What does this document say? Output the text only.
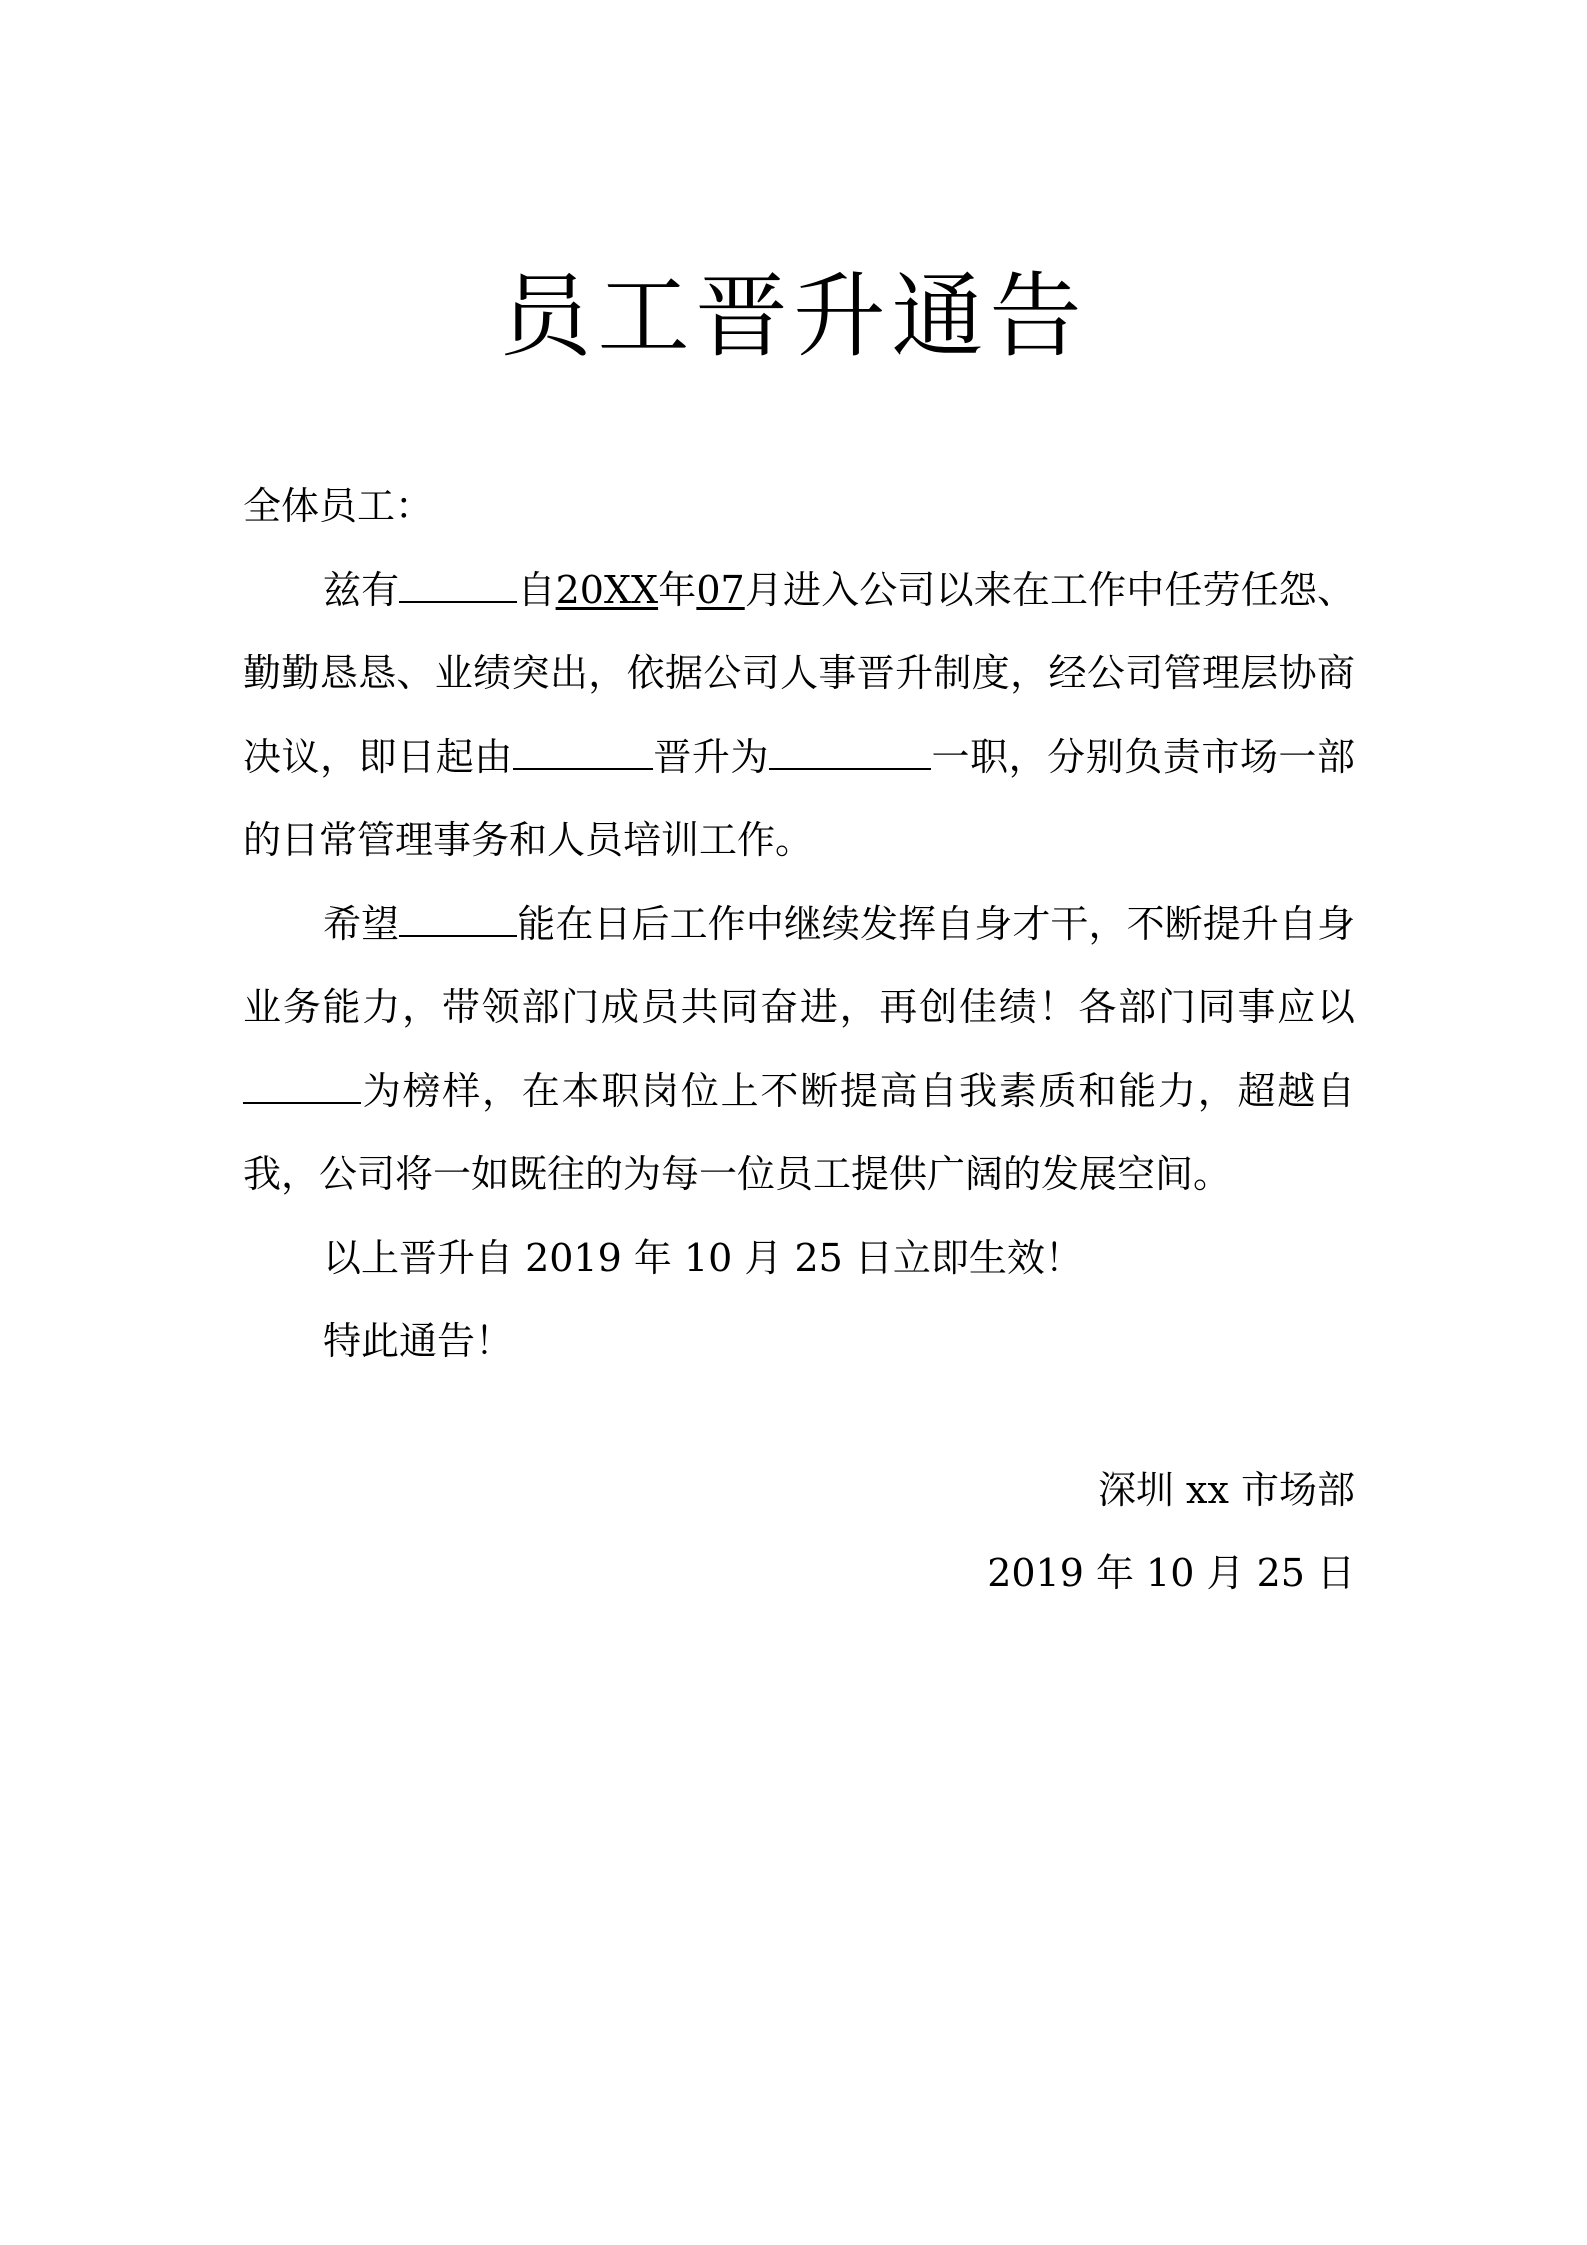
员工晋升通告

全体员工：

兹有	自20XX年07月进入公司以来在工作中任劳任怨、勤勤恳恳、业绩突出，依据公司人事晋升制度，经公司管理层协商决议，即日起由	晋升为	一职，分别负责市场一部的日常管理事务和人员培训工作。

希望	能在日后工作中继续发挥自身才干，不断提升自身业务能力，带领部门成员共同奋进，再创佳绩！各部门同事应以为榜样，在本职岗位上不断提高自我素质和能力，超越自我，公司将一如既往的为每一位员工提供广阔的发展空间。

以上晋升自 2019 年 10 月 25 日立即生效！

特此通告！

深圳 xx 市场部
2019 年 10 月 25 日
